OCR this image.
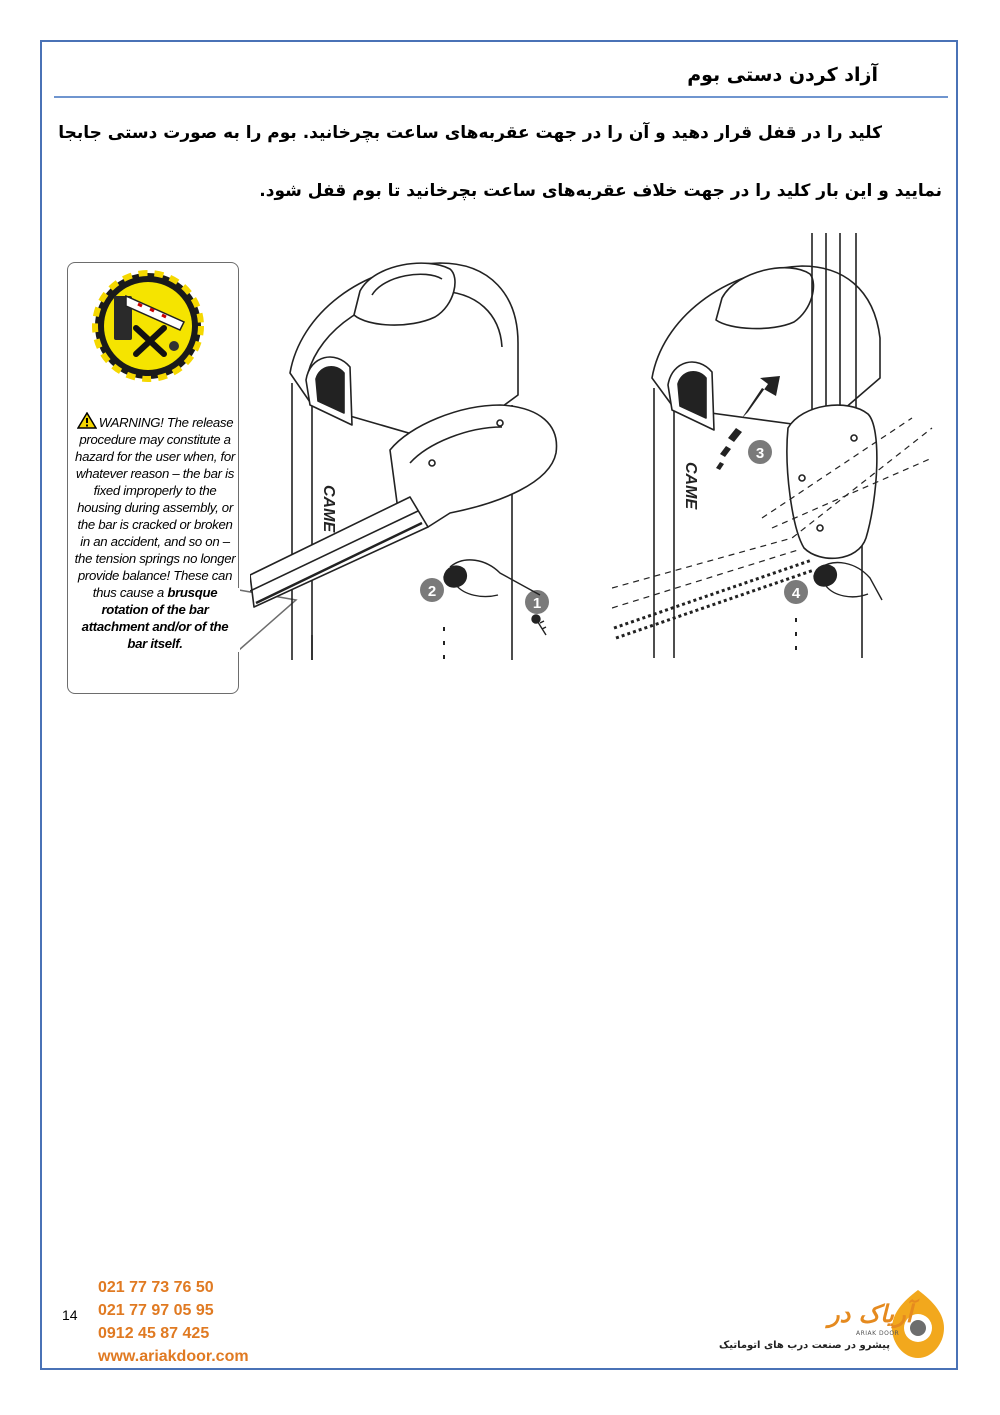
آزاد کردن دستی بوم
کلید را در قفل قرار دهید و آن را در جهت عقربه‌های ساعت بچرخانید. بوم را به صورت دستی جابجا
نمایید و این بار کلید را در جهت خلاف عقربه‌های ساعت بچرخانید تا بوم قفل شود.
WARNING! The release procedure may constitute a hazard for the user when, for whatever reason – the bar is fixed improperly to the housing during assembly, or the bar is cracked or broken in an accident, and so on – the tension springs no longer provide balance! These can thus cause a brusque rotation of the bar attachment and/or of the bar itself.
CAME
1
2
CAME
3
4
14
021 77 73 76 50
021 77 97 05 95
0912 45 87 425
www.ariakdoor.com
آریاک در
ARIAK DOOR
پیشرو در صنعت درب های اتوماتیک
